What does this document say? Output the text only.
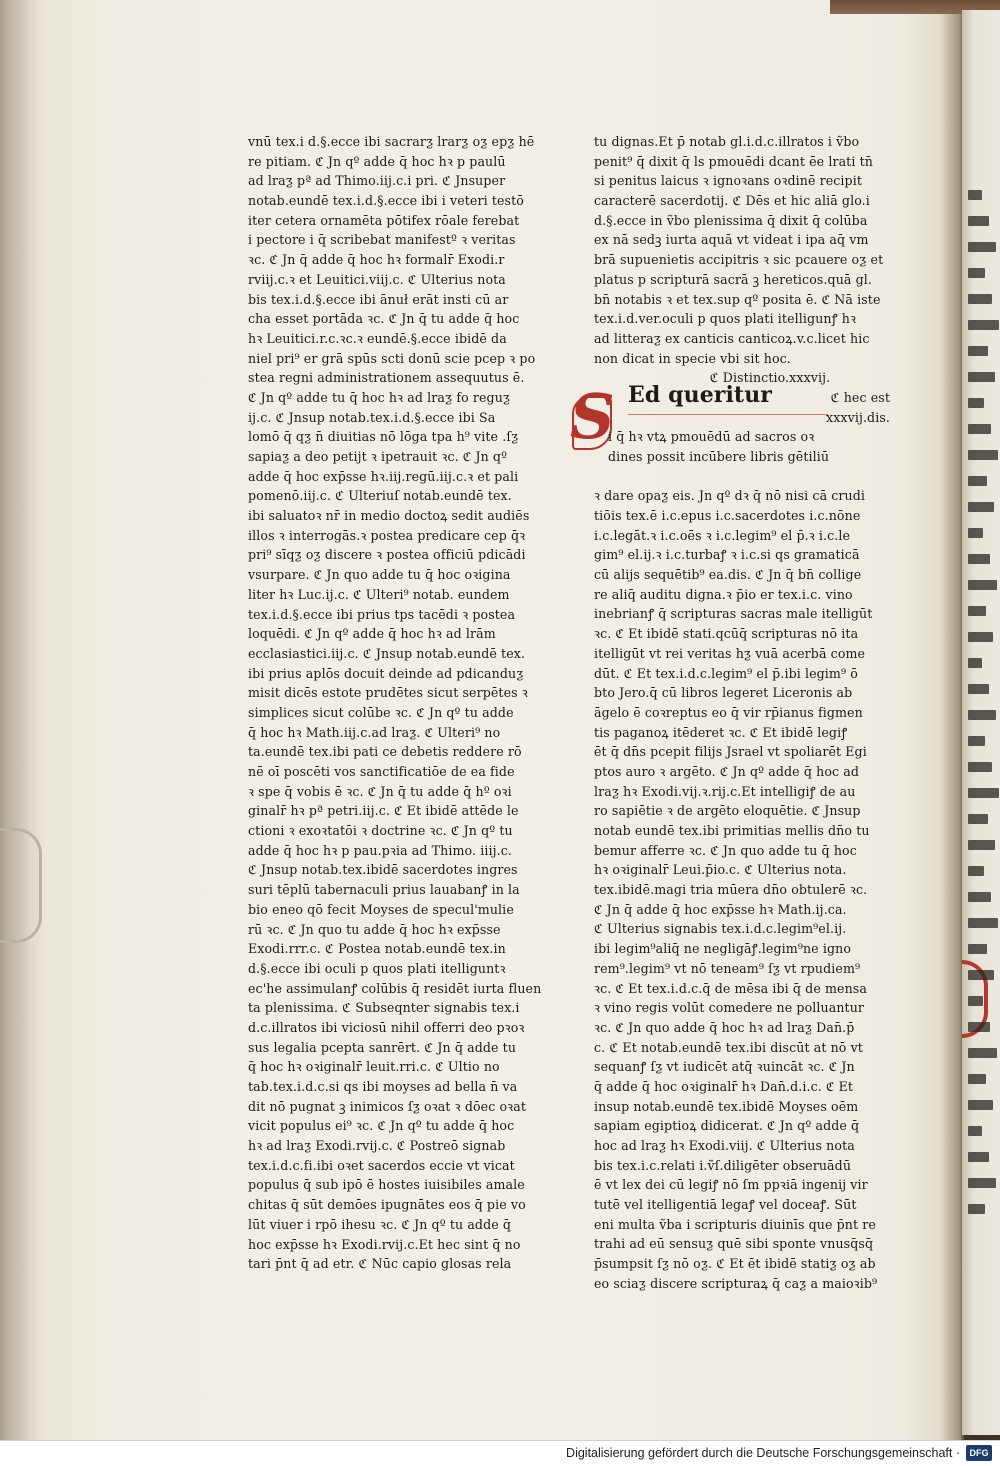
vnū tex.i d.§.ecce ibi sacrarƺ lrarƺ oƺ epƺ hē
re pitiam. ℭ Jn qº adde q̄ hoc hꝛ p paulū
ad lraƺ pª ad Thimo.iij.c.i pri. ℭ Jnsuper
notab.eundē tex.i.d.§.ecce ibi i veteri testō
iter cetera ornamēta pōtifex rōale ferebat
i pectore i q̄ scribebat manifestº ꝛ veritas
ꝛc. ℭ Jn q̄ adde q̄ hoc hꝛ formalr̄ Exodi.r
rviij.c.ꝛ et Leuitici.viij.c. ℭ Ulterius nota
bis tex.i.d.§.ecce ibi ānuł erāt insti cū ar
cha esset portāda ꝛc. ℭ Jn q̄ tu adde q̄ hoc
hꝛ Leuitici.r.c.ꝛc.ꝛ eundē.§.ecce ibidē da
niel pri⁹ er grā spūs scti donū scie pcep ꝛ po
stea regni administrationem assequutus ē.
ℭ Jn qº adde tu q̄ hoc hꝛ ad lraƺ fo reguƺ
ij.c. ℭ Jnsup notab.tex.i.d.§.ecce ibi Sa
lomō q̄ qƺ n̄ diuitias nō lōga tpa h⁹ vite .ſƺ
sapiaƺ a deo petijt ꝛ ipetrauit ꝛc. ℭ Jn qº
adde q̄ hoc exp̄sse hꝛ.iij.regū.iij.c.ꝛ et pali
pomenō.iij.c. ℭ Ulteriuſ notab.eundē tex.
ibi saluatoꝛ nr̄ in medio doctoꝝ sedit audiēs
illos ꝛ interrogās.ꝛ postea predicare cep q̄ꝛ
pri⁹ sīqƺ oƺ discere ꝛ postea officiū pdicādi
vsurpare. ℭ Jn quo adde tu q̄ hoc oꝛigina
liter hꝛ Luc.ij.c. ℭ Ulteri⁹ notab. eundem
tex.i.d.§.ecce ibi prius tps tacēdi ꝛ postea
loquēdi. ℭ Jn qº adde q̄ hoc hꝛ ad lrām
ecclasiastici.iij.c. ℭ Jnsup notab.eundē tex.
ibi prius aplōs docuit deinde ad pdicanduƺ
misit dicēs estote prudētes sicut serpētes ꝛ
simplices sicut colūbe ꝛc. ℭ Jn qº tu adde
q̄ hoc hꝛ Math.iij.c.ad lraƺ. ℭ Ulteri⁹ no
ta.eundē tex.ibi pati ce debetis reddere rō
nē oī poscēti vos sanctificatiōe de ea fide
ꝛ spe q̄ vobis ē ꝛc. ℭ Jn q̄ tu adde q̄ hº oꝛi
ginalr̄ hꝛ pª petri.iij.c. ℭ Et ibidē attēde le
ctioni ꝛ exoꝛtatōi ꝛ doctrine ꝛc. ℭ Jn qº tu
adde q̄ hoc hꝛ p pau.pꝛia ad Thimo. iiij.c.
ℭ Jnsup notab.tex.ibidē sacerdotes ingres
suri tēplū tabernaculi prius lauabanꝭ in la
bio eneo qō fecit Moyses de specul'mulie
rū ꝛc. ℭ Jn quo tu adde q̄ hoc hꝛ exp̄sse
Exodi.rrr.c. ℭ Postea notab.eundē tex.in
d.§.ecce ibi oculi p quos plati itelliguntꝛ
ec'he assimulanꝭ colūbis q̄ residēt iurta fluen
ta plenissima. ℭ Subseqnter signabis tex.i
d.c.illratos ibi viciosū nihil offerri deo pꝛoꝛ
sus legalia pcepta sanrērt. ℭ Jn q̄ adde tu
q̄ hoc hꝛ oꝛiginalr̄ leuit.rri.c. ℭ Ultio no
tab.tex.i.d.c.si qs ibi moyses ad bella n̄ va
dit nō pugnat ꝫ inimicos ſƺ oꝛat ꝛ dōec oꝛat
vicit populus ei⁹ ꝛc. ℭ Jn qº tu adde q̄ hoc
hꝛ ad lraƺ Exodi.rvij.c. ℭ Postreō signab
tex.i.d.c.fi.ibi oꝛet sacerdos eccie vt vicat
populus q̄ sub ipō ē hostes iuisibiles amale
chitas q̄ sūt demōes ipugnātes eos q̄ pie vo
lūt viuer i rpō ihesu ꝛc. ℭ Jn qº tu adde q̄
hoc exp̄sse hꝛ Exodi.rvij.c.Et hec sint q̄ no
tari p̄nt q̄ ad etr. ℭ Nūc capio glosas rela
tu dignas.Et p̄ notab gl.i.d.c.illratos i ṽbo
penit⁹ q̄ dixit q̄ ls pmouēdi dcant ēe lrati tn̄
si penitus laicus ꝛ ignoꝛans oꝛdinē recipit
caracterē sacerdotij. ℭ Dēs et hic aliā glo.i
d.§.ecce in ṽbo plenissima q̄ dixit q̄ colūba
ex nā sedꝫ iurta aquā vt videat i ipa aq̄ vm
brā supuenietis accipitris ꝛ sic pcauere oƺ et
platus p scripturā sacrā ꝫ hereticos.quā gl.
bn̄ notabis ꝛ et tex.sup qº posita ē. ℭ Nā iste
tex.i.d.ver.oculi p quos plati itelligunꝭ hꝛ
ad litteraƺ ex canticis canticoꝝ.v.c.licet hic
non dicat in specie vbi sit hoc.
ℭ Distinctio.xxxvij.
S Ed queritur	ℭ hec est
xxxvij.dis.
i q̄ hꝛ vtꝝ pmouēdū ad sacros oꝛ
dines possit incūbere libris gētiliū
ꝛ dare opaƺ eis. Jn qº dꝛ q̄ nō nisi cā crudi
tiōis tex.ē i.c.epus i.c.sacerdotes i.c.nōne
i.c.legāt.ꝛ i.c.oēs ꝛ i.c.legim⁹ el p̄.ꝛ i.c.le
gim⁹ el.ij.ꝛ i.c.turbaꝭ ꝛ i.c.si qs gramaticā
cū alijs sequētib⁹ ea.dis. ℭ Jn q̄ bn̄ collige
re aliq̄ auditu digna.ꝛ p̄io er tex.i.c. vino
inebrianꝭ q̄ scripturas sacras male itelligūt
ꝛc. ℭ Et ibidē stati.qcūq̄ scripturas nō ita
itelligūt vt rei veritas hƺ vuā acerbā come
dūt. ℭ Et tex.i.d.c.legim⁹ el p̄.ibi legim⁹ ō
bto Jero.q̄ cū libros legeret Liceronis ab
āgelo ē coꝛreptus eo q̄ vir rp̄ianus figmen
tis paganoꝝ itēderet ꝛc. ℭ Et ibidē legiꝭ
ēt q̄ dn̄s pcepit filijs Jsrael vt spoliarēt Egi
ptos auro ꝛ argēto. ℭ Jn qº adde q̄ hoc ad
lraƺ hꝛ Exodi.vij.ꝛ.rij.c.Et intelligiꝭ de au
ro sapiētie ꝛ de argēto eloquētie. ℭ Jnsup
notab eundē tex.ibi primitias mellis dn̄o tu
bemur afferre ꝛc. ℭ Jn quo adde tu q̄ hoc
hꝛ oꝛiginalr̄ Leui.p̄io.c. ℭ Ulterius nota.
tex.ibidē.magi tria mūera dn̄o obtulerē ꝛc.
ℭ Jn q̄ adde q̄ hoc exp̄sse hꝛ Math.ij.ca.
ℭ Ulterius signabis tex.i.d.c.legim⁹el.ij.
ibi legim⁹aliq̄ ne negligāꝭ.legim⁹ne igno
rem⁹.legim⁹ vt nō teneam⁹ ſƺ vt rpudiem⁹
ꝛc. ℭ Et tex.i.d.c.q̄ de mēsa ibi q̄ de mensa
ꝛ vino regis volūt comedere ne polluantur
ꝛc. ℭ Jn quo adde q̄ hoc hꝛ ad lraƺ Dan̄.p̄
c. ℭ Et notab.eundē tex.ibi discūt at nō vt
sequanꝭ ſƺ vt iudicēt atq̄ ꝛuincāt ꝛc. ℭ Jn
q̄ adde q̄ hoc oꝛiginalr̄ hꝛ Dan̄.d.i.c. ℭ Et
insup notab.eundē tex.ibidē Moyses oēm
sapiam egiptioꝝ didicerat. ℭ Jn qº adde q̄
hoc ad lraƺ hꝛ Exodi.viij. ℭ Ulterius nota
bis tex.i.c.relati i.ṽſ.diligēter obseruādū
ē vt lex dei cū legiꝭ nō ſm ppꝛiā ingenij vir
tutē vel itelligentiā legaꝭ vel doceaꝭ. Sūt
eni multa ṽba i scripturis diuinīs que p̄nt re
trahi ad eū sensuƺ quē sibi sponte vnusq̄sq̄
p̄sumpsit ſƺ nō oƺ. ℭ Et ēt ibidē statiƺ oƺ ab
eo sciaƺ discere scripturaꝝ q̄ caƺ a maioꝛib⁹
Digitalisierung gefördert durch die Deutsche Forschungsgemeinschaft ·	DFG
